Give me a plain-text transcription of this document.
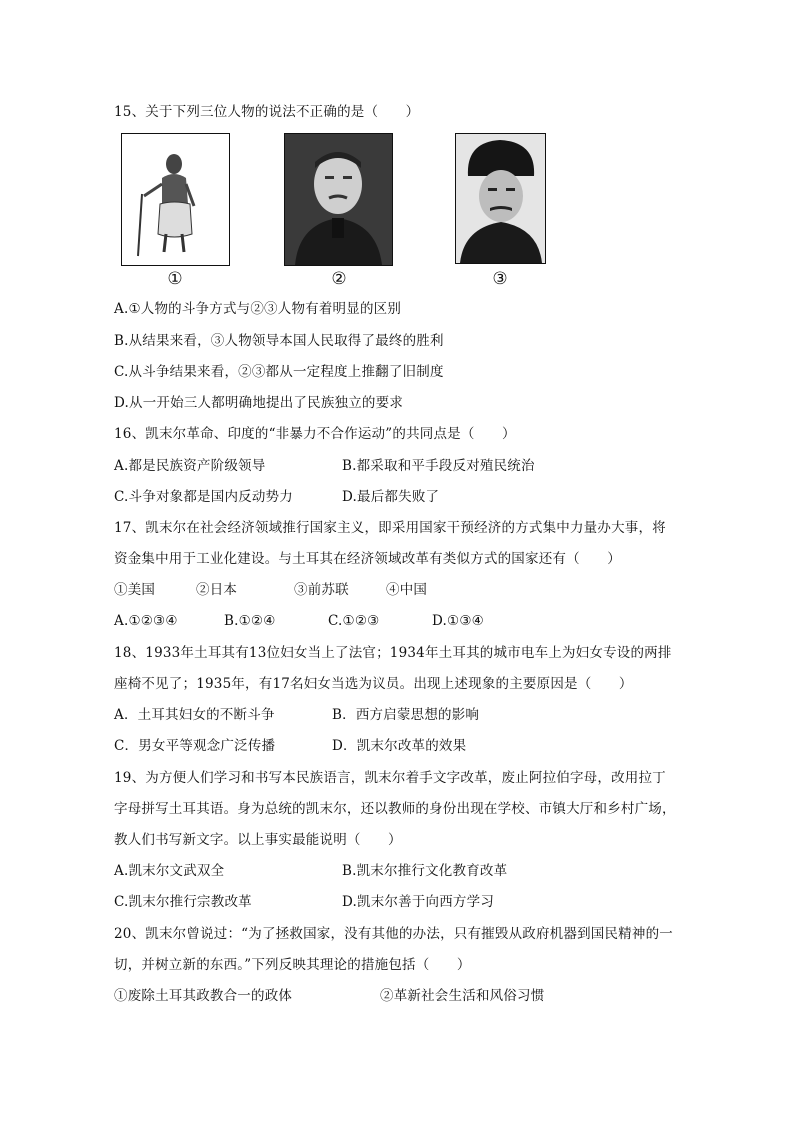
15、关于下列三位人物的说法不正确的是（　　）
①	②	③
A.①人物的斗争方式与②③人物有着明显的区别
B.从结果来看，③人物领导本国人民取得了最终的胜利
C.从斗争结果来看，②③都从一定程度上推翻了旧制度
D.从一开始三人都明确地提出了民族独立的要求
16、凯末尔革命、印度的“非暴力不合作运动”的共同点是（　　）
A.都是民族资产阶级领导	B.都采取和平手段反对殖民统治
C.斗争对象都是国内反动势力	D.最后都失败了
17、凯末尔在社会经济领域推行国家主义，即采用国家干预经济的方式集中力量办大事，将
资金集中用于工业化建设。与土耳其在经济领域改革有类似方式的国家还有（　　）
①美国	②日本	③前苏联	④中国
A.①②③④	B.①②④	C.①②③	D.①③④
18、1933年土耳其有13位妇女当上了法官；1934年土耳其的城市电车上为妇女专设的两排
座椅不见了；1935年，有17名妇女当选为议员。出现上述现象的主要原因是（　　）
A．土耳其妇女的不断斗争	B．西方启蒙思想的影响
C．男女平等观念广泛传播	D．凯末尔改革的效果
19、为方便人们学习和书写本民族语言，凯末尔着手文字改革，废止阿拉伯字母，改用拉丁
字母拼写土耳其语。身为总统的凯末尔，还以教师的身份出现在学校、市镇大厅和乡村广场，
教人们书写新文字。以上事实最能说明（　　）
A.凯末尔文武双全	B.凯末尔推行文化教育改革
C.凯末尔推行宗教改革	D.凯末尔善于向西方学习
20、凯末尔曾说过：“为了拯救国家，没有其他的办法，只有摧毁从政府机器到国民精神的一
切，并树立新的东西。”下列反映其理论的措施包括（　　）
①废除土耳其政教合一的政体	②革新社会生活和风俗习惯
